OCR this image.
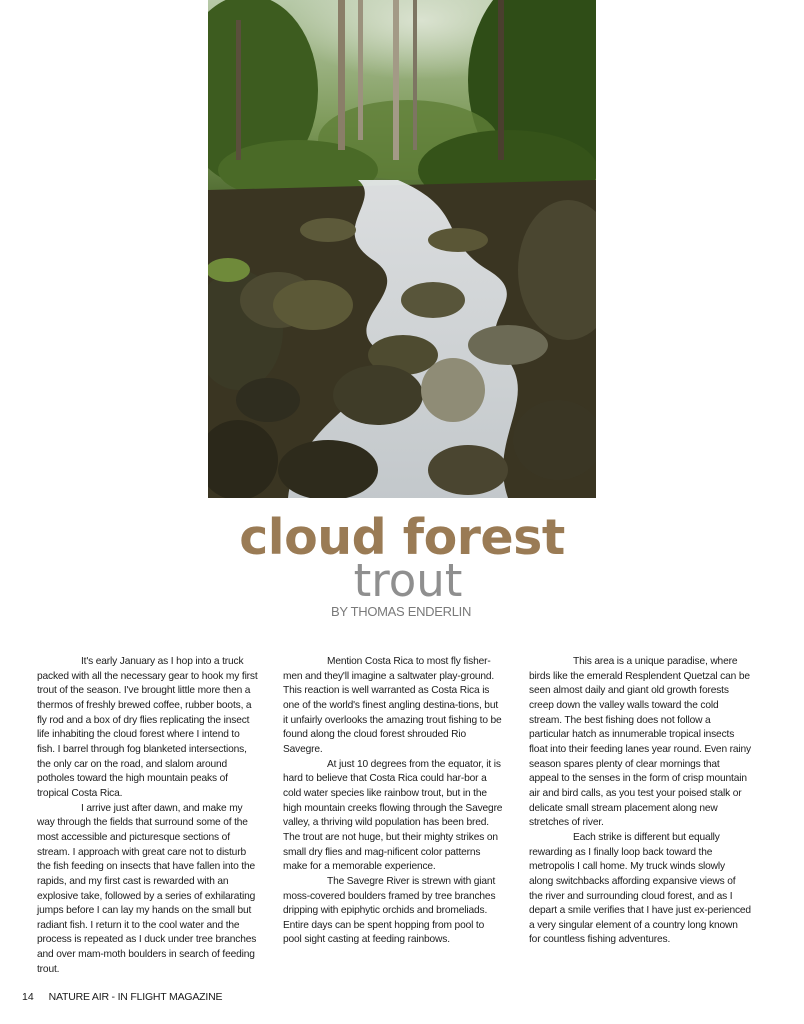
cloud forest
trout
BY THOMAS ENDERLIN

It's early January as I hop into a truck packed with all the necessary gear to hook my first trout of the season. I've brought little more then a thermos of freshly brewed coffee, rubber boots, a fly rod and a box of dry flies replicating the insect life inhabiting the cloud forest where I intend to fish. I barrel through fog blanketed intersections, the only car on the road, and slalom around potholes toward the high mountain peaks of tropical Costa Rica.

I arrive just after dawn, and make my way through the fields that surround some of the most accessible and picturesque sections of stream. I approach with great care not to disturb the fish feeding on insects that have fallen into the rapids, and my first cast is rewarded with an explosive take, followed by a series of exhilarating jumps before I can lay my hands on the small but radiant fish. I return it to the cool water and the process is repeated as I duck under tree branches and over mam-moth boulders in search of feeding trout.

Mention Costa Rica to most fly fisher-men and they'll imagine a saltwater play-ground. This reaction is well warranted as Costa Rica is one of the world's finest angling destina-tions, but it unfairly overlooks the amazing trout fishing to be found along the cloud forest shrouded Rio Savegre.

At just 10 degrees from the equator, it is hard to believe that Costa Rica could har-bor a cold water species like rainbow trout, but in the high mountain creeks flowing through the Savegre valley, a thriving wild population has been bred. The trout are not huge, but their mighty strikes on small dry flies and mag-nificent color patterns make for a memorable experience.

The Savegre River is strewn with giant moss-covered boulders framed by tree branches dripping with epiphytic orchids and bromeliads. Entire days can be spent hopping from pool to pool sight casting at feeding rainbows.

This area is a unique paradise, where birds like the emerald Resplendent Quetzal can be seen almost daily and giant old growth forests creep down the valley walls toward the cold stream. The best fishing does not follow a particular hatch as innumerable tropical insects float into their feeding lanes year round. Even rainy season spares plenty of clear mornings that appeal to the senses in the form of crisp mountain air and bird calls, as you test your poised stalk or delicate small stream placement along new stretches of river.

Each strike is different but equally rewarding as I finally loop back toward the metropolis I call home. My truck winds slowly along switchbacks affording expansive views of the river and surrounding cloud forest, and as I depart a smile verifies that I have just ex-perienced a very singular element of a country long known for countless fishing adventures.

14 NATURE AIR - IN FLIGHT MAGAZINE
